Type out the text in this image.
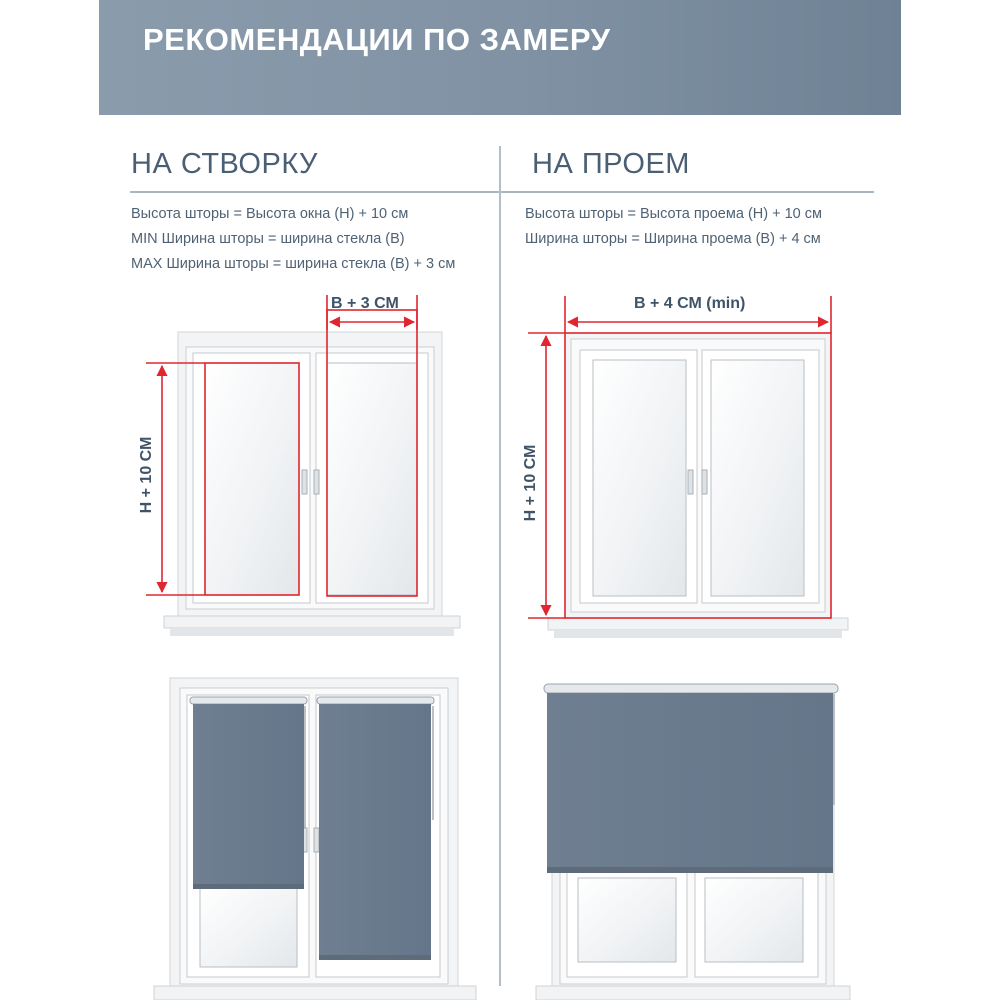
РЕКОМЕНДАЦИИ ПО ЗАМЕРУ
НА СТВОРКУ	НА ПРОЕМ
Высота шторы = Высота окна (H) + 10 см
MIN Ширина шторы = ширина стекла (B)
MAX Ширина шторы = ширина стекла (B) + 3 см
Высота шторы = Высота проема (H) + 10 см
Ширина шторы = Ширина проема (B) + 4 см
B + 3 СМ
H + 10 СМ
B + 4 СМ (min)
H + 10 СМ
